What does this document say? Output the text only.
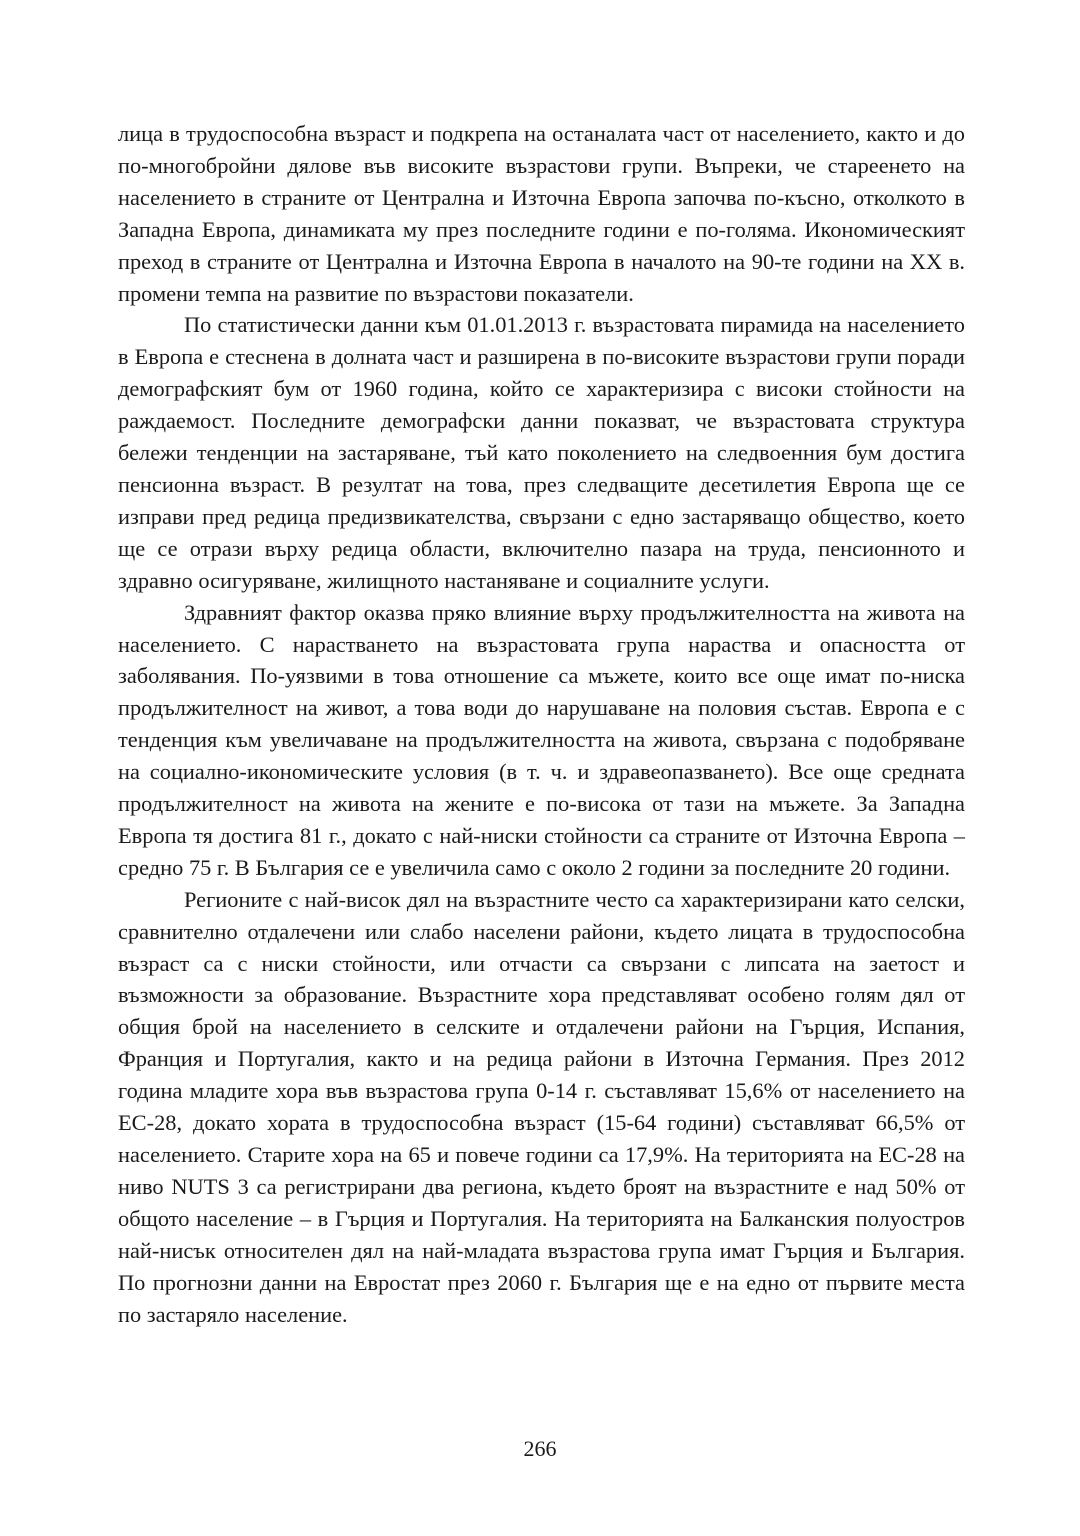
лица в трудоспособна възраст и подкрепа на останалата част от населението, както и до по-многобройни дялове във високите възрастови групи. Въпреки, че стареенето на населението в страните от Централна и Източна Европа започва по-късно, отколкото в Западна Европа, динамиката му през последните години е по-голяма. Икономическият преход в страните от Централна и Източна Европа в началото на 90-те години на ХХ в. промени темпа на развитие по възрастови показатели.

По статистически данни към 01.01.2013 г. възрастовата пирамида на населението в Европа е стеснена в долната част и разширена в по-високите възрастови групи поради демографският бум от 1960 година, който се характеризира с високи стойности на раждаемост. Последните демографски данни показват, че възрастовата структура бележи тенденции на застаряване, тъй като поколението на следвоенния бум достига пенсионна възраст. В резултат на това, през следващите десетилетия Европа ще се изправи пред редица предизвикателства, свързани с едно застаряващо общество, което ще се отрази върху редица области, включително пазара на труда, пенсионното и здравно осигуряване, жилищното настаняване и социалните услуги.

Здравният фактор оказва пряко влияние върху продължителността на живота на населението. С нарастването на възрастовата група нараства и опасността от заболявания. По-уязвими в това отношение са мъжете, които все още имат по-ниска продължителност на живот, а това води до нарушаване на половия състав. Европа е с тенденция към увеличаване на продължителността на живота, свързана с подобряване на социално-икономическите условия (в т. ч. и здравеопазването). Все още средната продължителност на живота на жените е по-висока от тази на мъжете. За Западна Европа тя достига 81 г., докато с най-ниски стойности са страните от Източна Европа – средно 75 г. В България се е увеличила само с около 2 години за последните 20 години.

Регионите с най-висок дял на възрастните често са характеризирани като селски, сравнително отдалечени или слабо населени райони, където лицата в трудоспособна възраст са с ниски стойности, или отчасти са свързани с липсата на заетост и възможности за образование. Възрастните хора представляват особено голям дял от общия брой на населението в селските и отдалечени райони на Гърция, Испания, Франция и Португалия, както и на редица райони в Източна Германия. През 2012 година младите хора във възрастова група 0-14 г. съставляват 15,6% от населението на ЕС-28, докато хората в трудоспособна възраст (15-64 години) съставляват 66,5% от населението. Старите хора на 65 и повече години са 17,9%. На територията на ЕС-28 на ниво NUTS 3 са регистрирани два региона, където броят на възрастните е над 50% от общото население – в Гърция и Португалия. На територията на Балканския полуостров най-нисък относителен дял на най-младата възрастова група имат Гърция и България. По прогнозни данни на Евростат през 2060 г. България ще е на едно от първите места по застаряло население.

266
